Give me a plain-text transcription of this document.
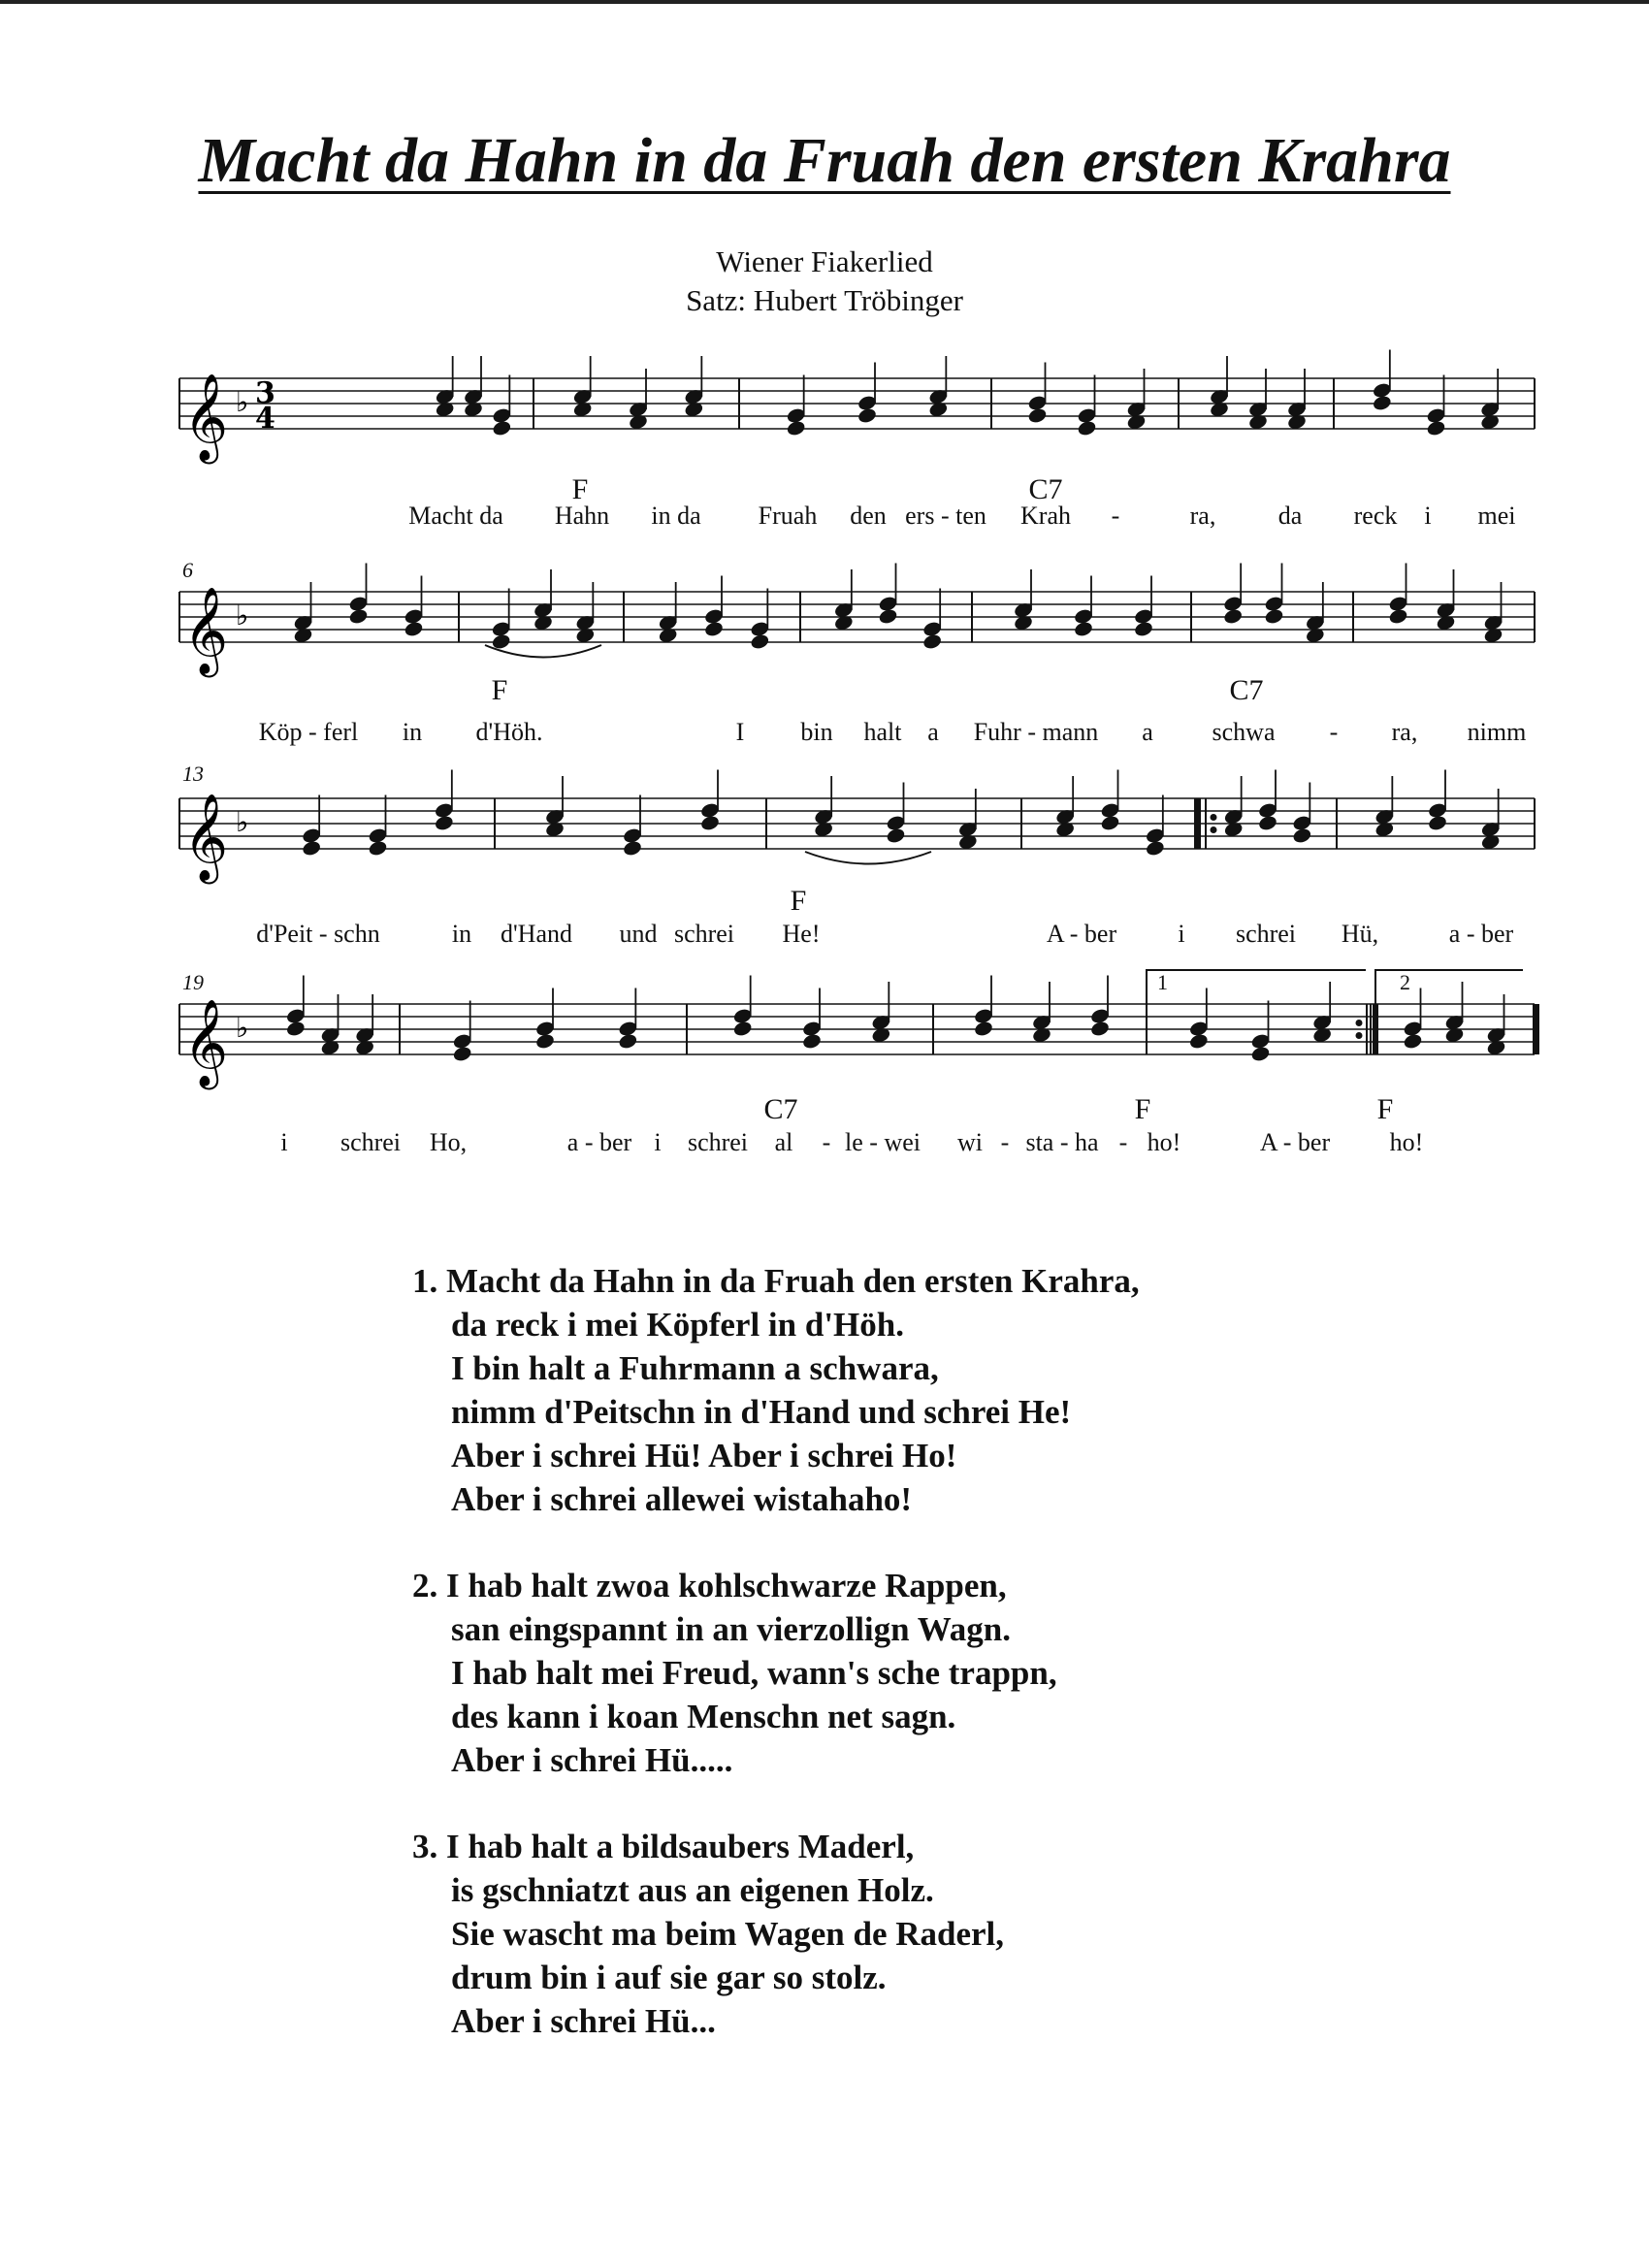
Macht da Hahn in da Fruah den ersten Krahra
Wiener Fiakerlied
Satz: Hubert Tröbinger
𝄞 ♭ 3
4
𝄞 ♭
𝄞 ♭
𝄞 ♭
Macht da Hahn in da Fruah den ers - ten Krah -	ra, da reck i mei
F	C7
6
Köp - ferl in d'Höh.	I bin halt a Fuhr - mann a schwa - ra, nimm
F	C7
13
d'Peit - schn	in d'Hand und schrei He!	A - ber i schrei Hü,	a - ber
F
19
i schrei Ho,	a - ber i schrei al - le - wei wi - sta - ha - ho!	A - ber ho!
C7	F	F
1	2
1. Macht da Hahn in da Fruah den ersten Krahra,
da reck i mei Köpferl in d'Höh.
I bin halt a Fuhrmann a schwara,
nimm d'Peitschn in d'Hand und schrei He!
Aber i schrei Hü! Aber i schrei Ho!
Aber i schrei allewei wistahaho!
2. I hab halt zwoa kohlschwarze Rappen,
san eingspannt in an vierzollign Wagn.
I hab halt mei Freud, wann's sche trappn,
des kann i koan Menschn net sagn.
Aber i schrei Hü.....
3. I hab halt a bildsaubers Maderl,
is gschniatzt aus an eigenen Holz.
Sie wascht ma beim Wagen de Raderl,
drum bin i auf sie gar so stolz.
Aber i schrei Hü...
